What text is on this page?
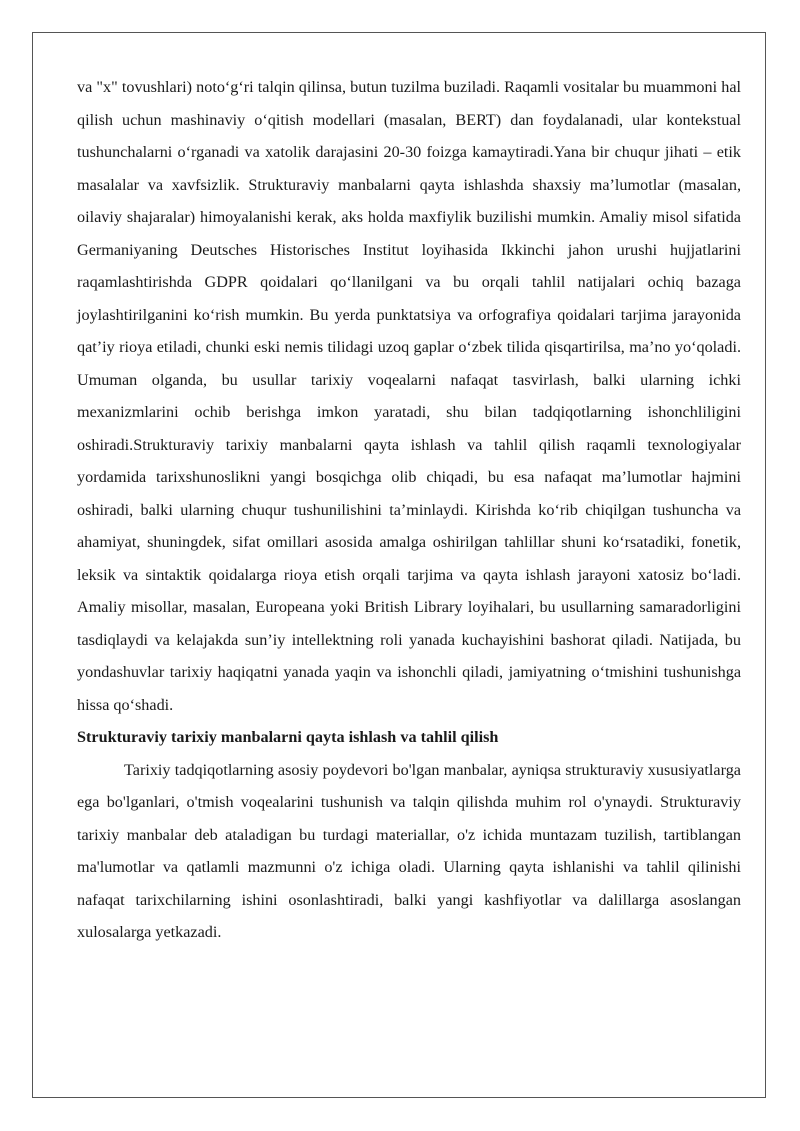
va "x" tovushlari) noto‘g‘ri talqin qilinsa, butun tuzilma buziladi. Raqamli vositalar bu muammoni hal qilish uchun mashinaviy o‘qitish modellari (masalan, BERT) dan foydalanadi, ular kontekstual tushunchalarni o‘rganadi va xatolik darajasini 20-30 foizga kamaytiradi.Yana bir chuqur jihati – etik masalalar va xavfsizlik. Strukturaviy manbalarni qayta ishlashda shaxsiy ma’lumotlar (masalan, oilaviy shajaralar) himoyalanishi kerak, aks holda maxfiylik buzilishi mumkin. Amaliy misol sifatida Germaniyaning Deutsches Historisches Institut loyihasida Ikkinchi jahon urushi hujjatlarini raqamlashtirishda GDPR qoidalari qo‘llanilgani va bu orqali tahlil natijalari ochiq bazaga joylashtirilganini ko‘rish mumkin. Bu yerda punktatsiya va orfografiya qoidalari tarjima jarayonida qat’iy rioya etiladi, chunki eski nemis tilidagi uzoq gaplar o‘zbek tilida qisqartirilsa, ma’no yo‘qoladi. Umuman olganda, bu usullar tarixiy voqealarni nafaqat tasvirlash, balki ularning ichki mexanizmlarini ochib berishga imkon yaratadi, shu bilan tadqiqotlarning ishonchliligini oshiradi.Strukturaviy tarixiy manbalarni qayta ishlash va tahlil qilish raqamli texnologiyalar yordamida tarixshunoslikni yangi bosqichga olib chiqadi, bu esa nafaqat ma’lumotlar hajmini oshiradi, balki ularning chuqur tushunilishini ta’minlaydi. Kirishda ko‘rib chiqilgan tushuncha va ahamiyat, shuningdek, sifat omillari asosida amalga oshirilgan tahlillar shuni ko‘rsatadiki, fonetik, leksik va sintaktik qoidalarga rioya etish orqali tarjima va qayta ishlash jarayoni xatosiz bo‘ladi. Amaliy misollar, masalan, Europeana yoki British Library loyihalari, bu usullarning samaradorligini tasdiqlaydi va kelajakda sun’iy intellektning roli yanada kuchayishini bashorat qiladi. Natijada, bu yondashuvlar tarixiy haqiqatni yanada yaqin va ishonchli qiladi, jamiyatning o‘tmishini tushunishga hissa qo‘shadi.

Strukturaviy tarixiy manbalarni qayta ishlash va tahlil qilish

Tarixiy tadqiqotlarning asosiy poydevori bo'lgan manbalar, ayniqsa strukturaviy xususiyatlarga ega bo'lganlari, o'tmish voqealarini tushunish va talqin qilishda muhim rol o'ynaydi. Strukturaviy tarixiy manbalar deb ataladigan bu turdagi materiallar, o'z ichida muntazam tuzilish, tartiblangan ma'lumotlar va qatlamli mazmunni o'z ichiga oladi. Ularning qayta ishlanishi va tahlil qilinishi nafaqat tarixchilarning ishini osonlashtiradi, balki yangi kashfiyotlar va dalillarga asoslangan xulosalarga yetkazadi.
